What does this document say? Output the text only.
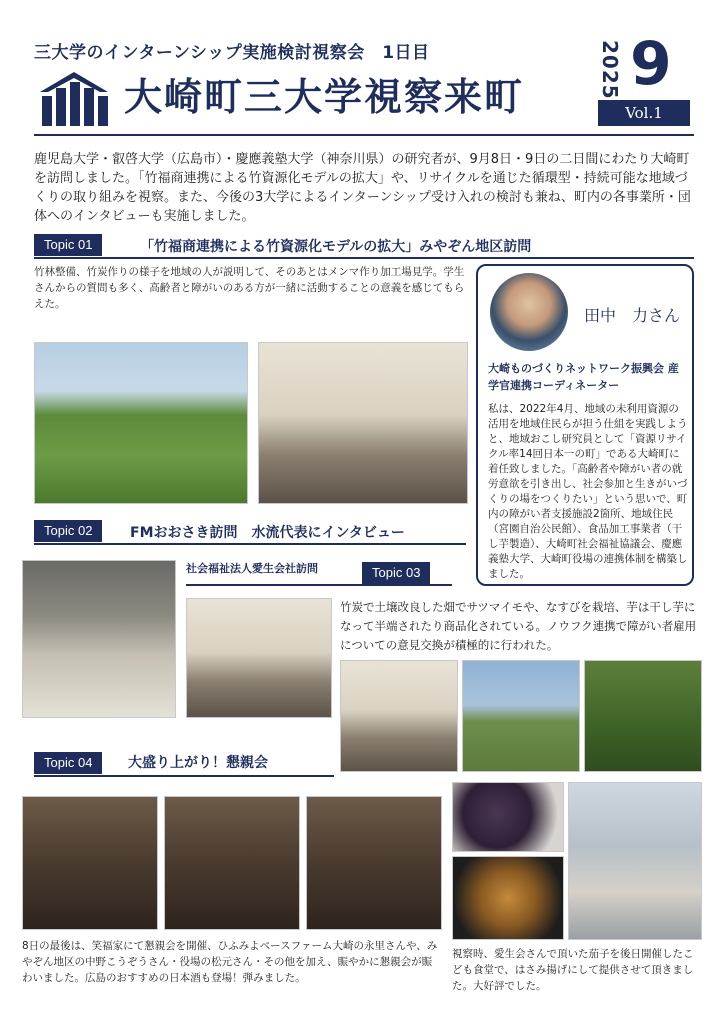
三大学のインターンシップ実施検討視察会　1日目
大崎町三大学視察来町	2025 9
Vol.1
鹿児島大学・叡啓大学（広島市）・慶應義塾大学（神奈川県）の研究者が、9月8日・9日の二日間にわたり大崎町を訪問しました。「竹福商連携による竹資源化モデルの拡大」や、リサイクルを通じた循環型・持続可能な地域づくりの取り組みを視察。また、今後の3大学によるインターンシップ受け入れの検討も兼ね、町内の各事業所・団体へのインタビューも実施しました。
Topic 01	「竹福商連携による竹資源化モデルの拡大」みやぞん地区訪問
竹林整備、竹炭作りの様子を地域の人が説明して、そのあとはメンマ作り加工場見学。学生さんからの質問も多く、高齢者と障がいのある方が一緒に活動することの意義を感じてもらえた。
田中　力さん
大崎ものづくりネットワーク振興会 産学官連携コーディネーター
私は、2022年4月、地域の未利用資源の活用を地域住民らが担う仕組を実践しようと、地域おこし研究員として「資源リサイクル率14回日本一の町」である大崎町に着任致しました。「高齢者や障がい者の就労意欲を引き出し、社会参加と生きがいづくりの場をつくりたい」という思いで、町内の障がい者支援施設2箇所、地域住民（宮園自治公民館）、食品加工事業者（干し芋製造）、大崎町社会福祉協議会、慶應義塾大学、大崎町役場の連携体制を構築しました。
Topic 02	FMおおさき訪問　水流代表にインタビュー
社会福祉法人愛生会社訪問	Topic 03
竹炭で土壌改良した畑でサツマイモや、なすびを栽培、芋は干し芋になって半端されたり商品化されている。ノウフク連携で障がい者雇用についての意見交換が積極的に行われた。
Topic 04	大盛り上がり！懇親会
8日の最後は、笑福家にて懇親会を開催、ひふみよベースファーム大崎の永里さんや、みやぞん地区の中野こうぞうさん・役場の松元さん・その他を加え、賑やかに懇親会が賑わいました。広島のおすすめの日本酒も登場！弾みました。
視察時、愛生会さんで頂いた茄子を後日開催したこども食堂で、はさみ揚げにして提供させて頂きました。大好評でした。
